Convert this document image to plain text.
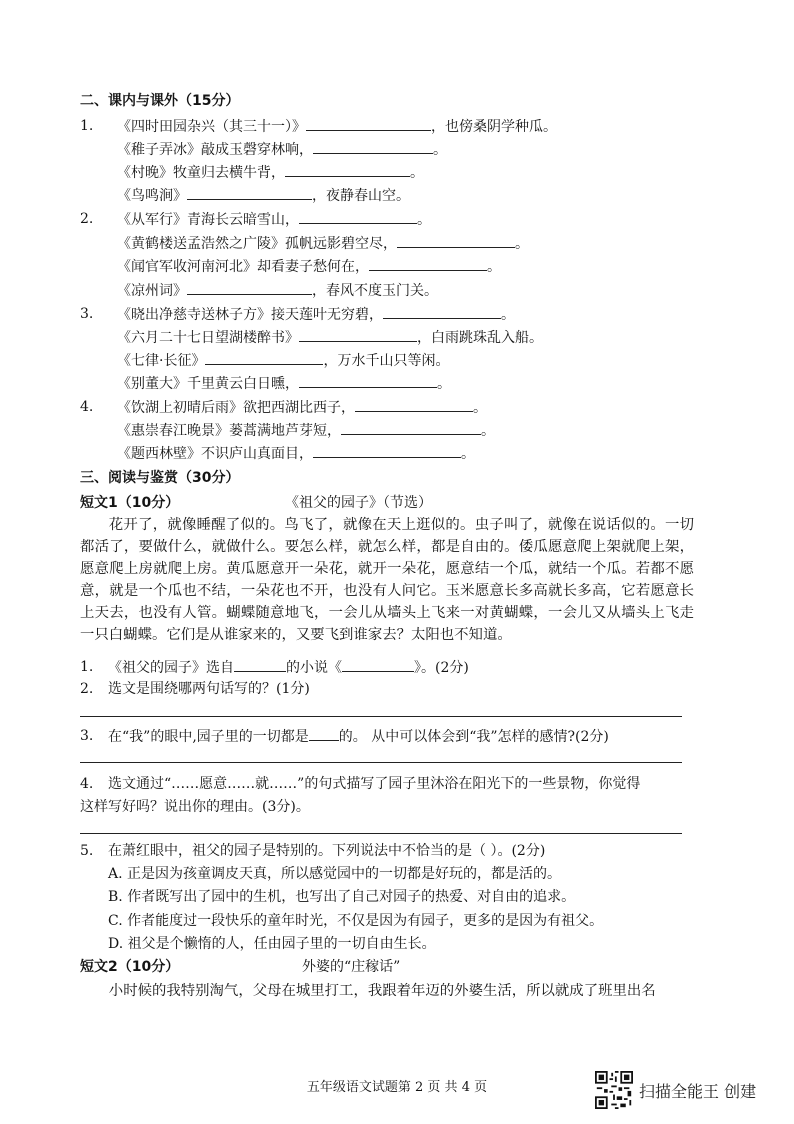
二、课内与课外（15分）
1. 《四时田园杂兴（其三十一）》	，也傍桑阴学种瓜。
《稚子弄冰》敲成玉磬穿林响，	。
《村晚》牧童归去横牛背，	。
《鸟鸣涧》	，夜静春山空。
2. 《从军行》青海长云暗雪山，	。
《黄鹤楼送孟浩然之广陵》孤帆远影碧空尽，	。
《闻官军收河南河北》却看妻子愁何在，	。
《凉州词》	，春风不度玉门关。
3. 《晓出净慈寺送林子方》接天莲叶无穷碧，	。
《六月二十七日望湖楼醉书》	，白雨跳珠乱入船。
《七律·长征》	，万水千山只等闲。
《别董大》千里黄云白日曛，	。
4. 《饮湖上初晴后雨》欲把西湖比西子，	。
《惠崇春江晚景》蒌蒿满地芦芽短，	。
《题西林壁》不识庐山真面目，	。
三、阅读与鉴赏（30分）
短文1（10分）	《祖父的园子》（节选）
花开了，就像睡醒了似的。鸟飞了，就像在天上逛似的。虫子叫了，就像在说话似的。一切都活了，要做什么，就做什么。要怎么样，就怎么样，都是自由的。倭瓜愿意爬上架就爬上架，愿意爬上房就爬上房。黄瓜愿意开一朵花，就开一朵花，愿意结一个瓜，就结一个瓜。若都不愿意，就是一个瓜也不结，一朵花也不开，也没有人问它。玉米愿意长多高就长多高，它若愿意长上天去，也没有人管。蝴蝶随意地飞，一会儿从墙头上飞来一对黄蝴蝶，一会儿又从墙头上飞走一只白蝴蝶。它们是从谁家来的，又要飞到谁家去？太阳也不知道。
1. 《祖父的园子》选自	的小说《	》。(2分)
2. 选文是围绕哪两句话写的？(1分)
3. 在“我”的眼中,园子里的一切都是 的。 从中可以体会到“我”怎样的感情?(2分)
4. 选文通过“……愿意……就……”的句式描写了园子里沐浴在阳光下的一些景物，你觉得
这样写好吗？说出你的理由。(3分)。
5. 在萧红眼中，祖父的园子是特别的。下列说法中不恰当的是（ ）。(2分)
A. 正是因为孩童调皮天真，所以感觉园中的一切都是好玩的，都是活的。
B. 作者既写出了园中的生机，也写出了自己对园子的热爱、对自由的追求。
C. 作者能度过一段快乐的童年时光，不仅是因为有园子，更多的是因为有祖父。
D. 祖父是个懒惰的人，任由园子里的一切自由生长。
短文2（10分）	外婆的“庄稼话”
小时候的我特别淘气，父母在城里打工，我跟着年迈的外婆生活，所以就成了班里出名
五年级语文试题第 2 页 共 4 页	扫描全能王 创建
